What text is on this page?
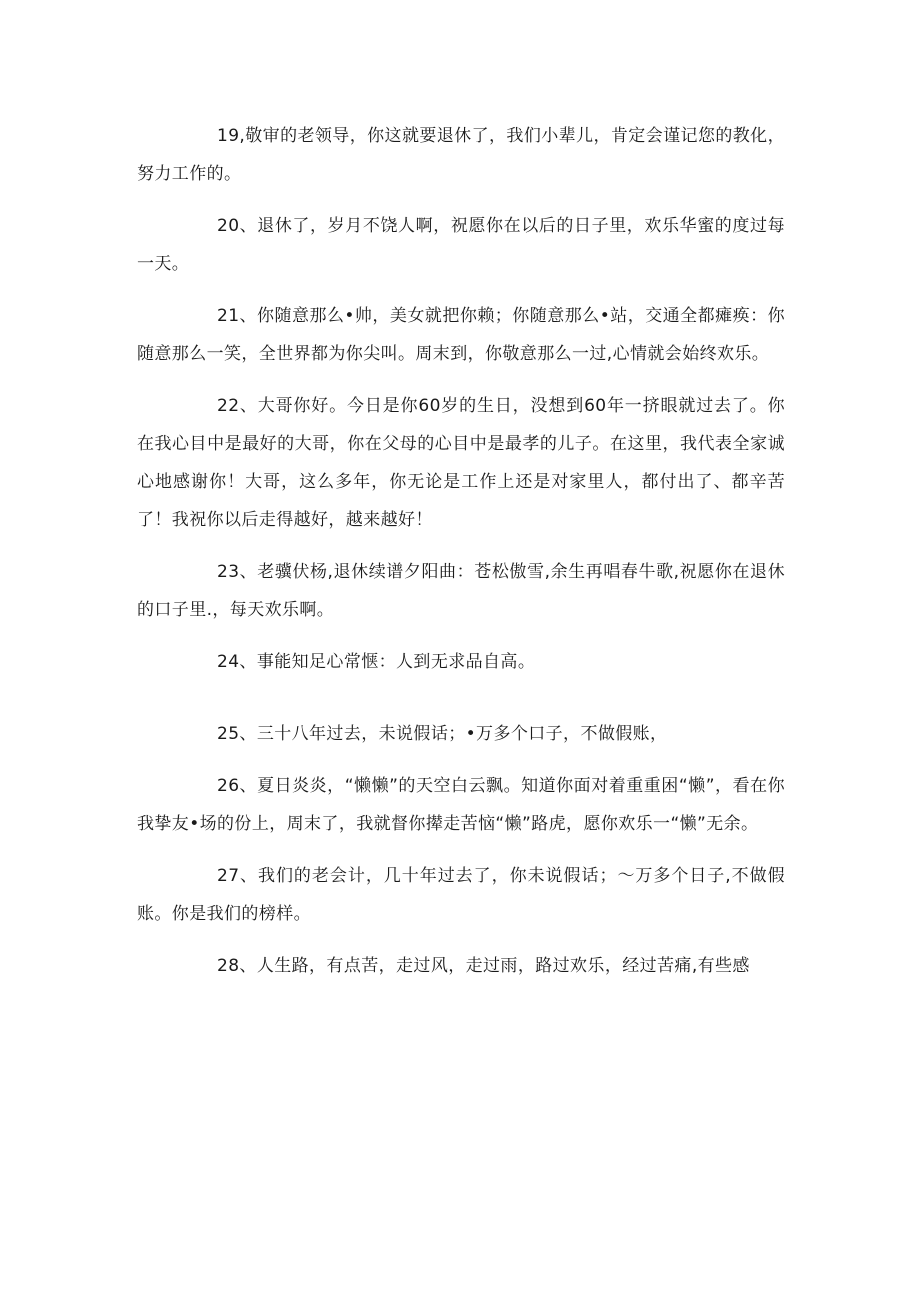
19,敬审的老领导，你这就要退休了，我们小辈儿，肯定会谨记您的教化，努力工作的。

20、退休了，岁月不饶人啊，祝愿你在以后的日子里，欢乐华蜜的度过每一天。

21、你随意那么•帅，美女就把你赖；你随意那么•站，交通全都瘫痪：你随意那么一笑，全世界都为你尖叫。周末到，你敬意那么一过,心情就会始终欢乐。

22、大哥你好。今日是你60岁的生日，没想到60年一挤眼就过去了。你在我心目中是最好的大哥，你在父母的心目中是最孝的儿子。在这里，我代表全家诚心地感谢你！大哥，这么多年，你无论是工作上还是对家里人，都付出了、都辛苦了！我祝你以后走得越好，越来越好！

23、老骥伏杨,退休续谱夕阳曲：苍松傲雪,余生再唱春牛歌,祝愿你在退休的口子里.，每天欢乐啊。

24、事能知足心常惬：人到无求品自高。

25、三十八年过去，未说假话；•万多个口子，不做假账，

26、夏日炎炎，“懒懒”的天空白云飘。知道你面对着重重困“懒”，看在你我挚友•场的份上，周末了，我就督你撵走苦恼“懒”路虎，愿你欢乐一“懒”无余。

27、我们的老会计，几十年过去了，你未说假话；～万多个日子,不做假账。你是我们的榜样。

28、人生路，有点苦，走过风，走过雨，路过欢乐，经过苦痛,有些感
